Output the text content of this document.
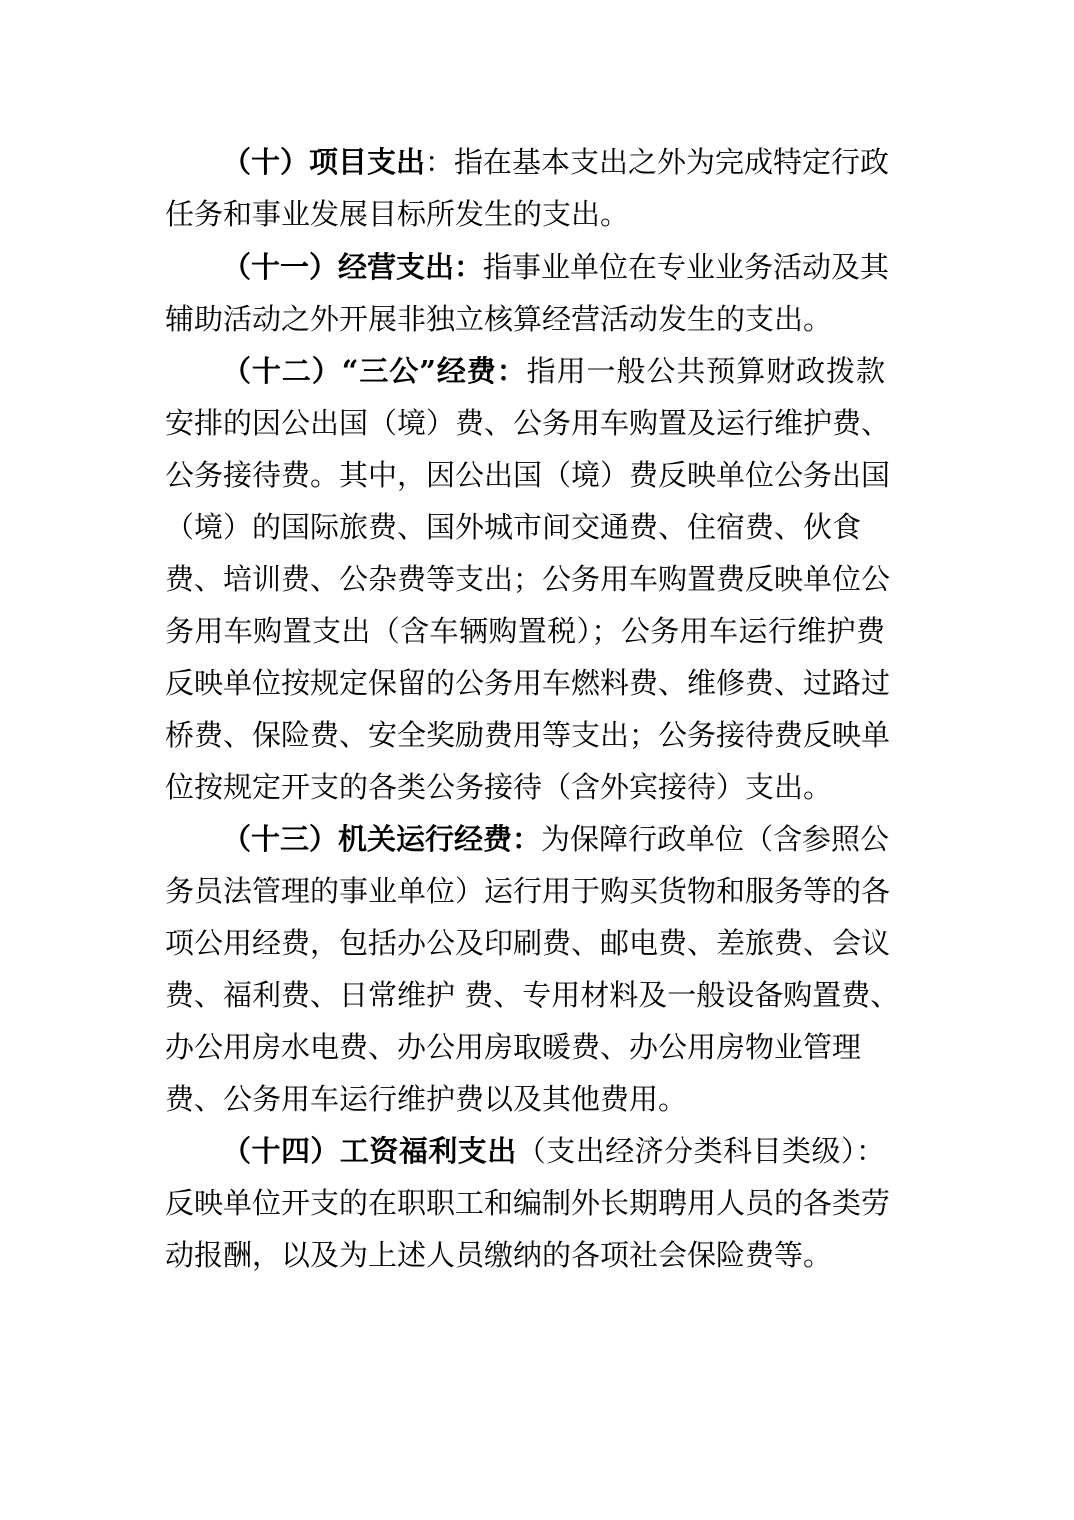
（十）项目支出：指在基本支出之外为完成特定行政
任务和事业发展目标所发生的支出。
（十一）经营支出：指事业单位在专业业务活动及其
辅助活动之外开展非独立核算经营活动发生的支出。
（十二）“三公”经费：指用一般公共预算财政拨款
安排的因公出国（境）费、公务用车购置及运行维护费、
公务接待费。其中，因公出国（境）费反映单位公务出国
（境）的国际旅费、国外城市间交通费、住宿费、伙食
费、培训费、公杂费等支出；公务用车购置费反映单位公
务用车购置支出（含车辆购置税）；公务用车运行维护费
反映单位按规定保留的公务用车燃料费、维修费、过路过
桥费、保险费、安全奖励费用等支出；公务接待费反映单
位按规定开支的各类公务接待（含外宾接待）支出。
（十三）机关运行经费：为保障行政单位（含参照公
务员法管理的事业单位）运行用于购买货物和服务等的各
项公用经费，包括办公及印刷费、邮电费、差旅费、会议
费、福利费、日常维护 费、专用材料及一般设备购置费、
办公用房水电费、办公用房取暖费、办公用房物业管理
费、公务用车运行维护费以及其他费用。
（十四）工资福利支出（支出经济分类科目类级）：
反映单位开支的在职职工和编制外长期聘用人员的各类劳
动报酬，以及为上述人员缴纳的各项社会保险费等。
